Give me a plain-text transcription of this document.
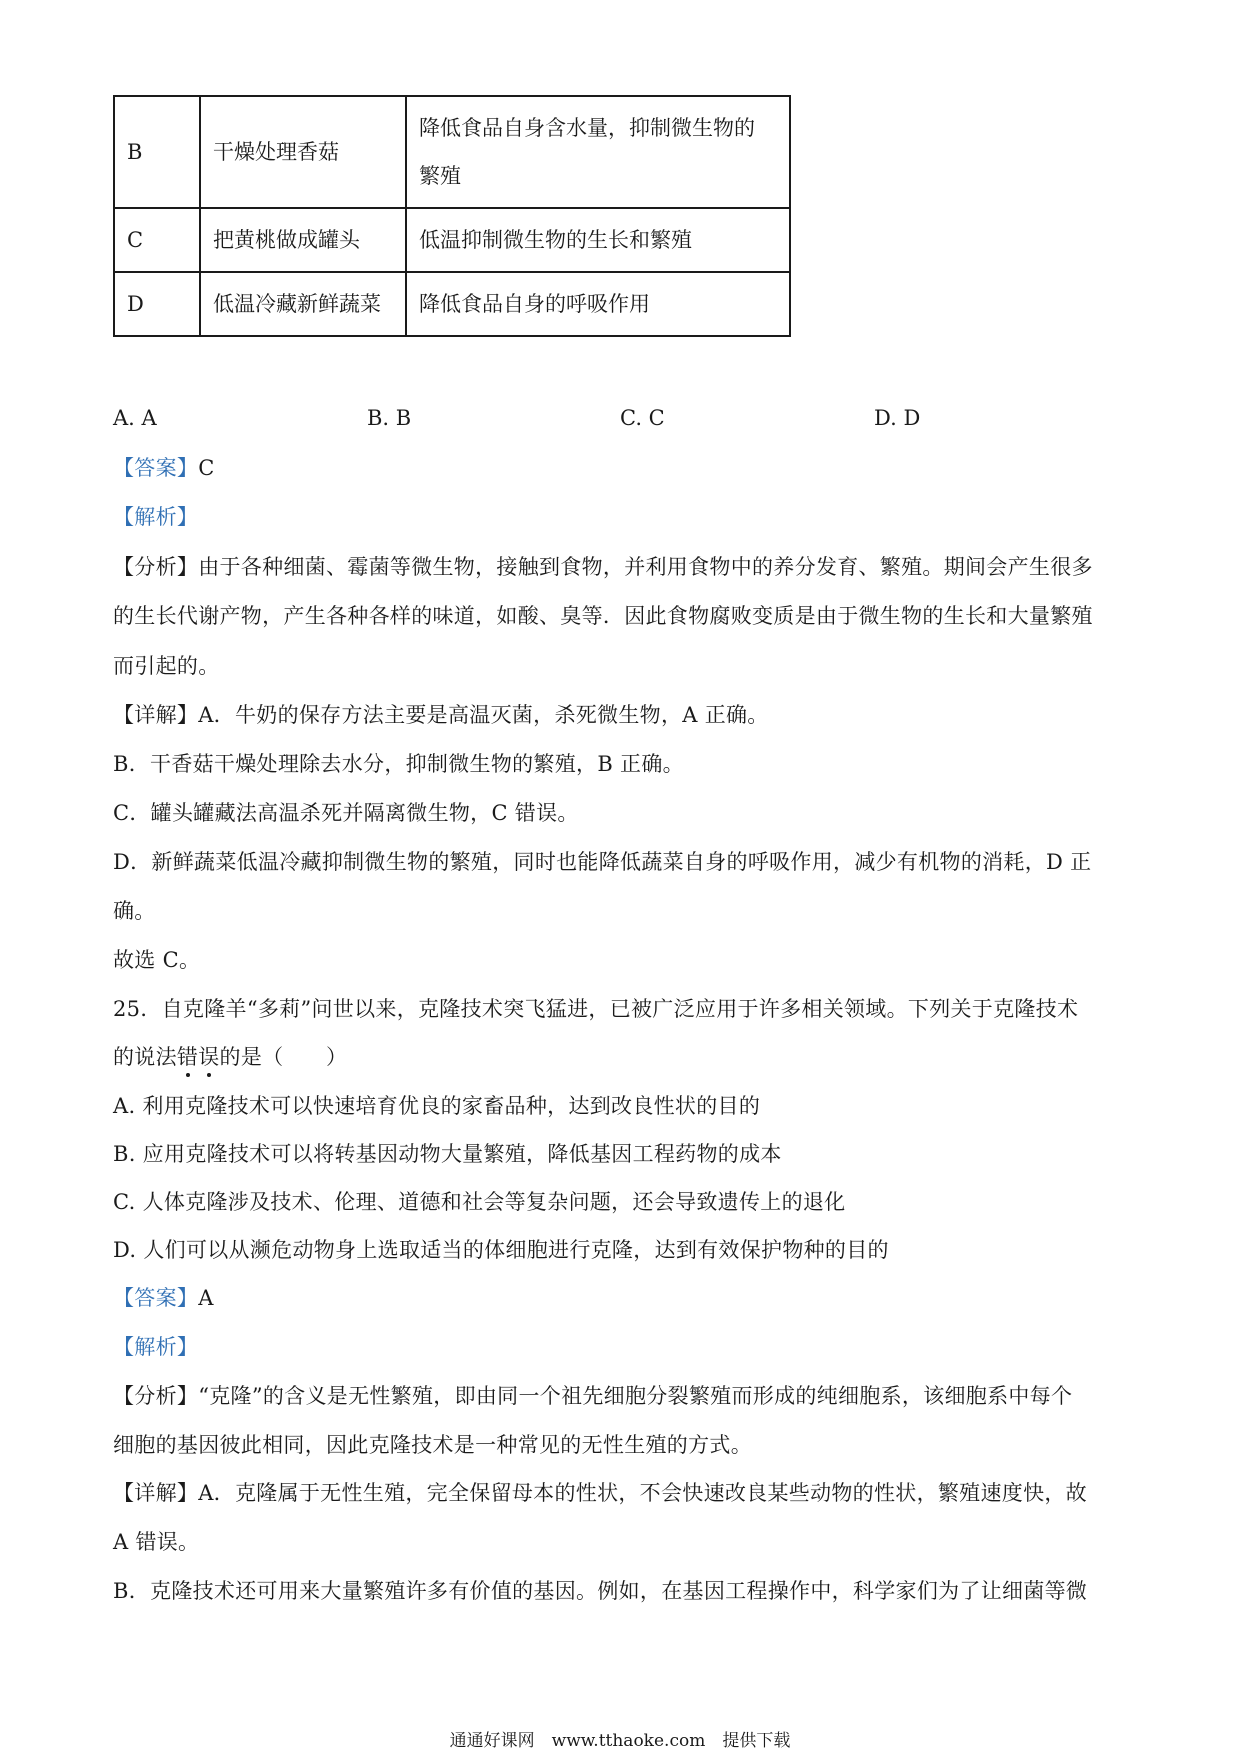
B	干燥处理香菇	降低食品自身含水量，抑制微生物的
繁殖
C	把黄桃做成罐头	低温抑制微生物的生长和繁殖
D	低温冷藏新鲜蔬菜	降低食品自身的呼吸作用
A. A	B. B	C. C	D. D
【答案】C
【解析】
【分析】由于各种细菌、霉菌等微生物，接触到食物，并利用食物中的养分发育、繁殖。期间会产生很多
的生长代谢产物，产生各种各样的味道，如酸、臭等．因此食物腐败变质是由于微生物的生长和大量繁殖
而引起的。
【详解】A．牛奶的保存方法主要是高温灭菌，杀死微生物，A 正确。
B．干香菇干燥处理除去水分，抑制微生物的繁殖，B 正确。
C．罐头罐藏法高温杀死并隔离微生物，C 错误。
D．新鲜蔬菜低温冷藏抑制微生物的繁殖，同时也能降低蔬菜自身的呼吸作用，减少有机物的消耗，D 正
确。
故选 C。
25．自克隆羊“多莉”问世以来，克隆技术突飞猛进，已被广泛应用于许多相关领域。下列关于克隆技术
的说法错误的是（　　）
A. 利用克隆技术可以快速培育优良的家畜品种，达到改良性状的目的
B. 应用克隆技术可以将转基因动物大量繁殖，降低基因工程药物的成本
C. 人体克隆涉及技术、伦理、道德和社会等复杂问题，还会导致遗传上的退化
D. 人们可以从濒危动物身上选取适当的体细胞进行克隆，达到有效保护物种的目的
【答案】A
【解析】
【分析】“克隆”的含义是无性繁殖，即由同一个祖先细胞分裂繁殖而形成的纯细胞系，该细胞系中每个
细胞的基因彼此相同，因此克隆技术是一种常见的无性生殖的方式。
【详解】A．克隆属于无性生殖，完全保留母本的性状，不会快速改良某些动物的性状，繁殖速度快，故
A 错误。
B．克隆技术还可用来大量繁殖许多有价值的基因。例如，在基因工程操作中，科学家们为了让细菌等微
通通好课网　www.tthaoke.com　提供下载
